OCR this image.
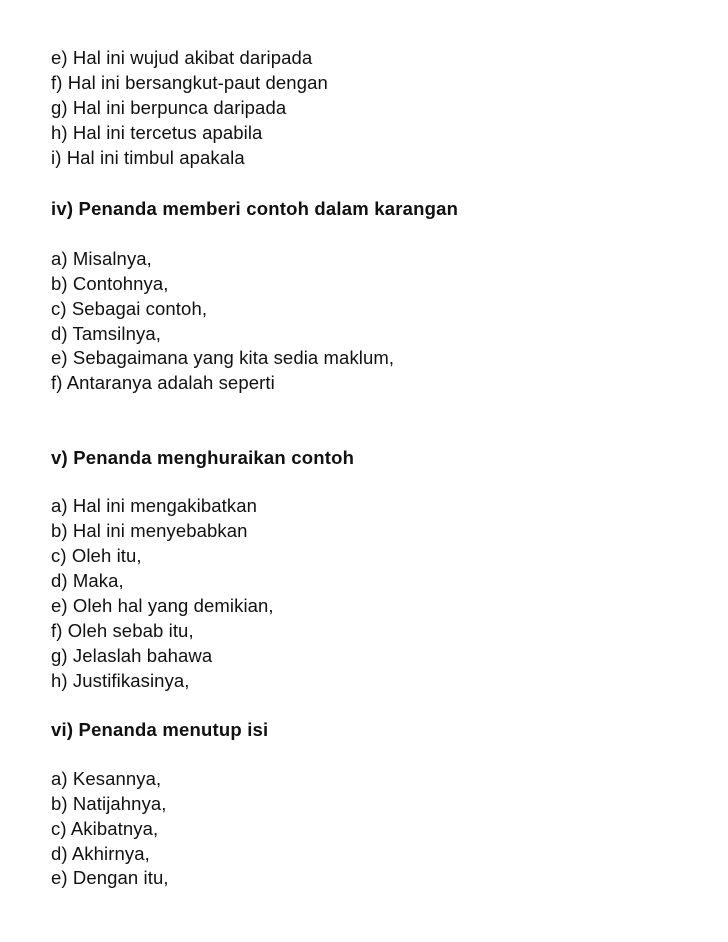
e) Hal ini wujud akibat daripada
f) Hal ini bersangkut-paut dengan
g) Hal ini berpunca daripada
h) Hal ini tercetus apabila
i) Hal ini timbul apakala
iv) Penanda memberi contoh dalam karangan
a) Misalnya,
b) Contohnya,
c) Sebagai contoh,
d) Tamsilnya,
e) Sebagaimana yang kita sedia maklum,
f) Antaranya adalah seperti
v) Penanda menghuraikan contoh
a) Hal ini mengakibatkan
b) Hal ini menyebabkan
c) Oleh itu,
d) Maka,
e) Oleh hal yang demikian,
f) Oleh sebab itu,
g) Jelaslah bahawa
h) Justifikasinya,
vi) Penanda menutup isi
a) Kesannya,
b) Natijahnya,
c) Akibatnya,
d) Akhirnya,
e) Dengan itu,
